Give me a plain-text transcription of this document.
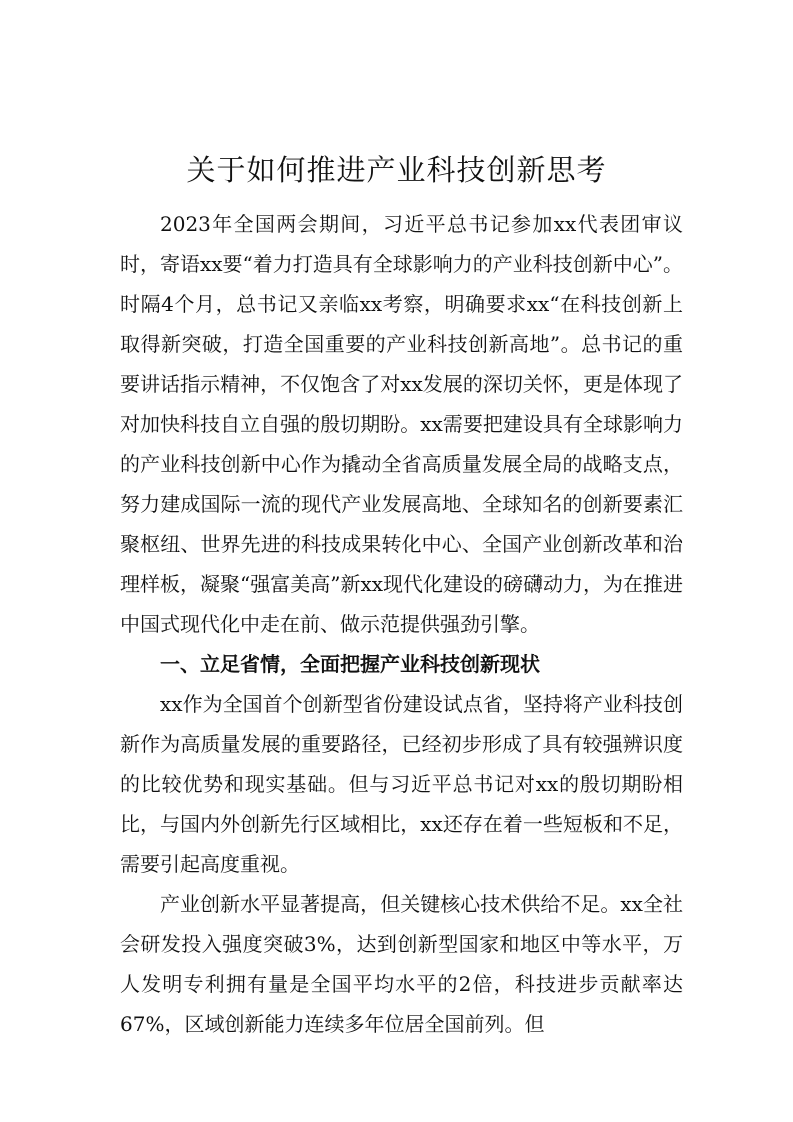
关于如何推进产业科技创新思考

2023年全国两会期间，习近平总书记参加xx代表团审议时，寄语xx要“着力打造具有全球影响力的产业科技创新中心”。时隔4个月，总书记又亲临xx考察，明确要求xx“在科技创新上取得新突破，打造全国重要的产业科技创新高地”。总书记的重要讲话指示精神，不仅饱含了对xx发展的深切关怀，更是体现了对加快科技自立自强的殷切期盼。xx需要把建设具有全球影响力的产业科技创新中心作为撬动全省高质量发展全局的战略支点，努力建成国际一流的现代产业发展高地、全球知名的创新要素汇聚枢纽、世界先进的科技成果转化中心、全国产业创新改革和治理样板，凝聚“强富美高”新xx现代化建设的磅礴动力，为在推进中国式现代化中走在前、做示范提供强劲引擎。

一、立足省情，全面把握产业科技创新现状

xx作为全国首个创新型省份建设试点省，坚持将产业科技创新作为高质量发展的重要路径，已经初步形成了具有较强辨识度的比较优势和现实基础。但与习近平总书记对xx的殷切期盼相比，与国内外创新先行区域相比，xx还存在着一些短板和不足，需要引起高度重视。

产业创新水平显著提高，但关键核心技术供给不足。xx全社会研发投入强度突破3%，达到创新型国家和地区中等水平，万人发明专利拥有量是全国平均水平的2倍，科技进步贡献率达67%，区域创新能力连续多年位居全国前列。但
